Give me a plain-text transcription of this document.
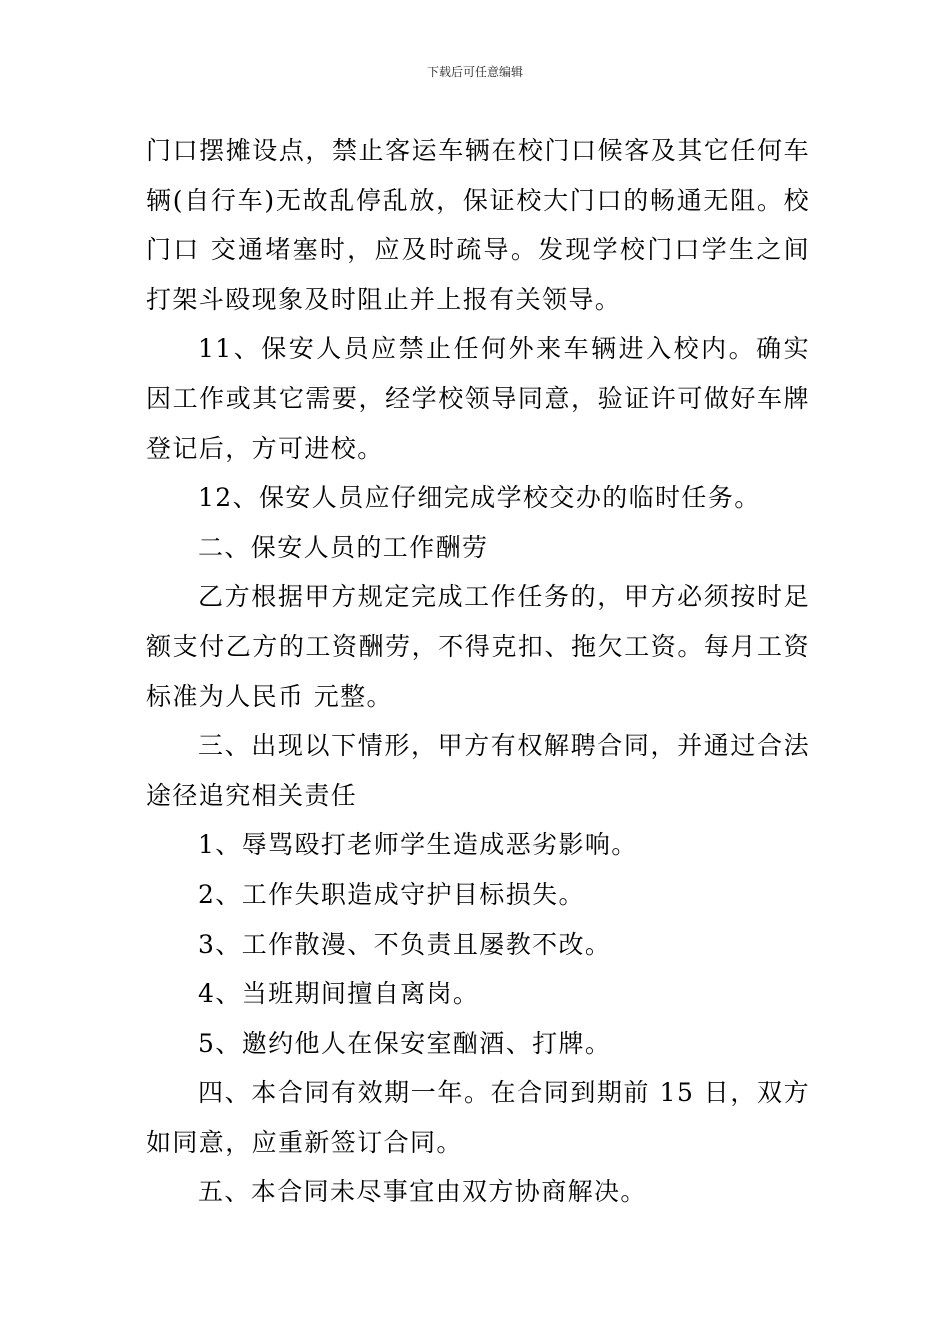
下载后可任意编辑

门口摆摊设点，禁止客运车辆在校门口候客及其它任何车辆(自行车)无故乱停乱放，保证校大门口的畅通无阻。校门口 交通堵塞时，应及时疏导。发现学校门口学生之间打架斗殴现象及时阻止并上报有关领导。

11、保安人员应禁止任何外来车辆进入校内。确实因工作或其它需要，经学校领导同意，验证许可做好车牌登记后，方可进校。

12、保安人员应仔细完成学校交办的临时任务。

二、保安人员的工作酬劳

乙方根据甲方规定完成工作任务的，甲方必须按时足额支付乙方的工资酬劳，不得克扣、拖欠工资。每月工资标准为人民币 元整。

三、出现以下情形，甲方有权解聘合同，并通过合法途径追究相关责任

1、辱骂殴打老师学生造成恶劣影响。

2、工作失职造成守护目标损失。

3、工作散漫、不负责且屡教不改。

4、当班期间擅自离岗。

5、邀约他人在保安室酗酒、打牌。

四、本合同有效期一年。在合同到期前 15 日，双方如同意，应重新签订合同。

五、本合同未尽事宜由双方协商解决。
